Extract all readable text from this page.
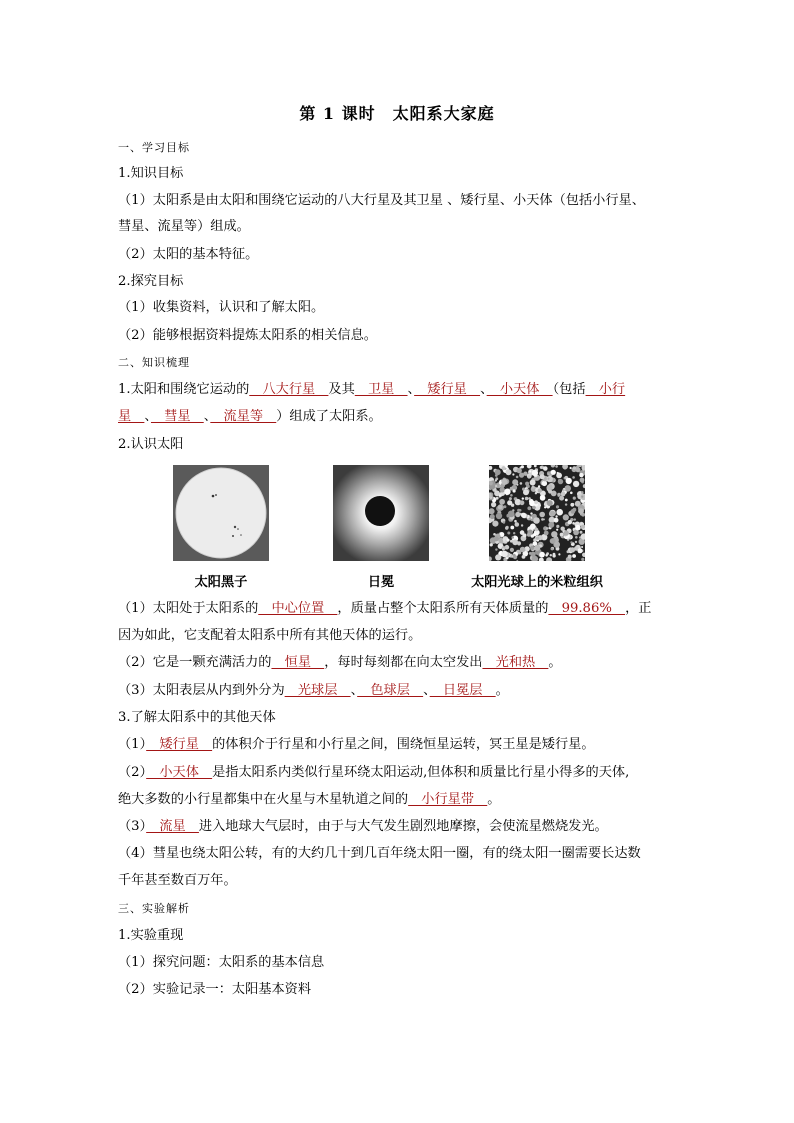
第 1 课时　太阳系大家庭
一、学习目标
1.知识目标
（1）太阳系是由太阳和围绕它运动的八大行星及其卫星 、矮行星、小天体（包括小行星、
彗星、流星等）组成。
（2）太阳的基本特征。
2.探究目标
（1）收集资料，认识和了解太阳。
（2）能够根据资料提炼太阳系的相关信息。
二、知识梳理
1.太阳和围绕它运动的　八大行星　及其　卫星　、　矮行星　、　小天体　（包括　小行
星　、　彗星　、　流星等　）组成了太阳系。
2.认识太阳
太阳黑子	日冕	太阳光球上的米粒组织
（1）太阳处于太阳系的　中心位置　，质量占整个太阳系所有天体质量的　99.86%　，正
因为如此，它支配着太阳系中所有其他天体的运行。
（2）它是一颗充满活力的　恒星　，每时每刻都在向太空发出　光和热　。
（3）太阳表层从内到外分为　光球层　、　色球层　、　日冕层　。
3.了解太阳系中的其他天体
（1）　矮行星　的体积介于行星和小行星之间，围绕恒星运转，冥王星是矮行星。
（2）　小天体　是指太阳系内类似行星环绕太阳运动,但体积和质量比行星小得多的天体,
绝大多数的小行星都集中在火星与木星轨道之间的　小行星带　。
（3）　流星　进入地球大气层时，由于与大气发生剧烈地摩擦，会使流星燃烧发光。
（4）彗星也绕太阳公转，有的大约几十到几百年绕太阳一圈，有的绕太阳一圈需要长达数
千年甚至数百万年。
三、实验解析
1.实验重现
（1）探究问题：太阳系的基本信息
（2）实验记录一：太阳基本资料
